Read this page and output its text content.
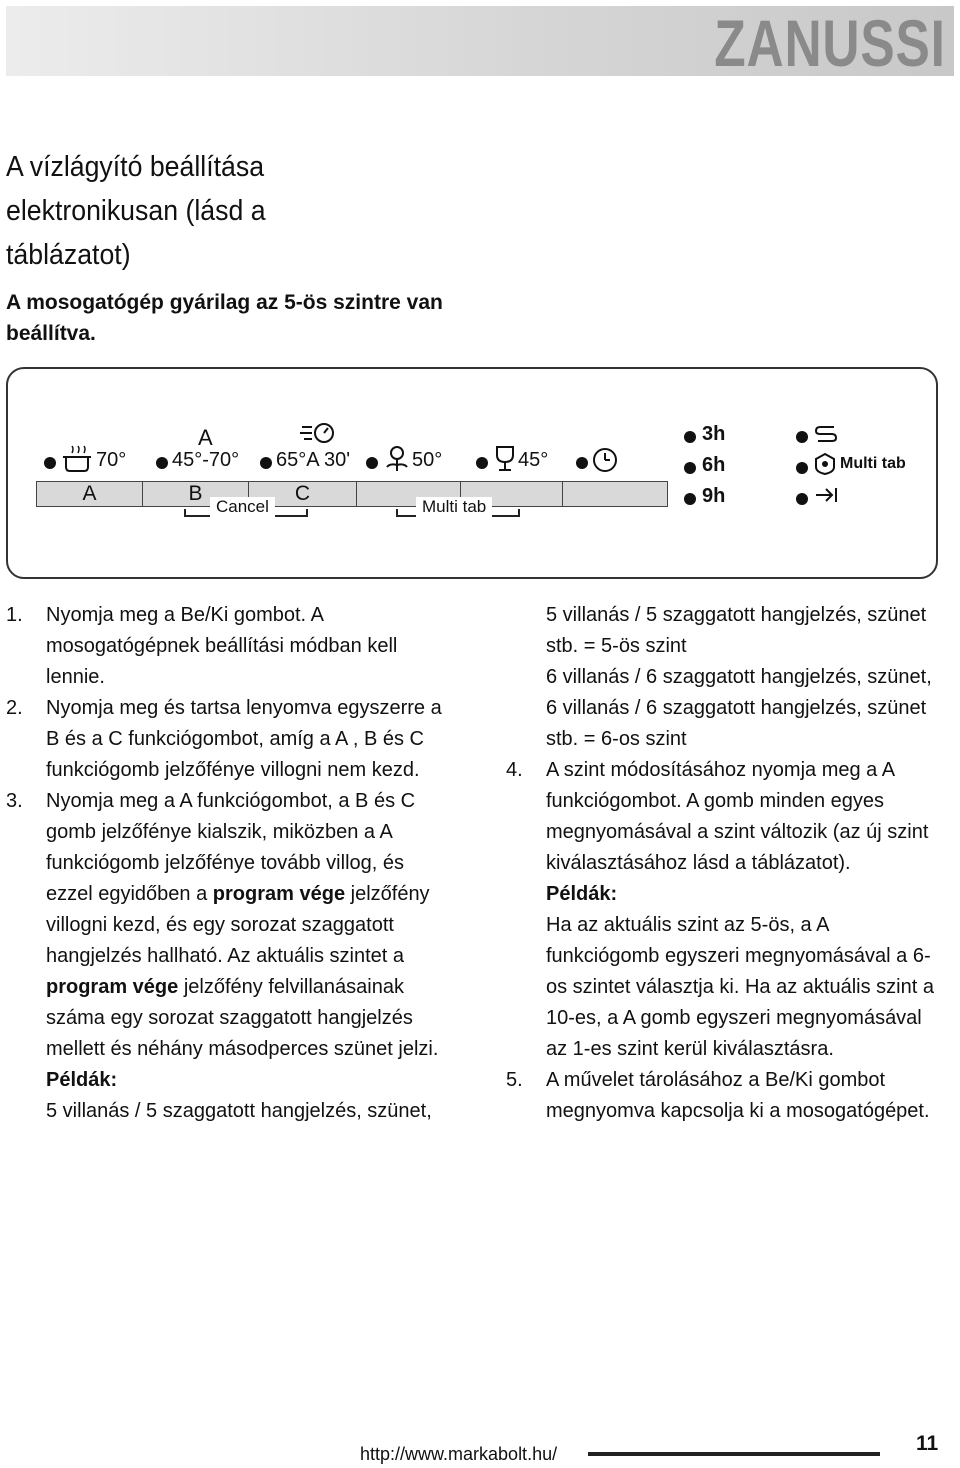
ZANUSSI
A vízlágyító beállítása elektronikusan (lásd a táblázatot)

A mosogatógép gyárilag az 5-ös szintre van beállítva.

A
70° 45°-70° 65°A 30'	50°	45°
3h
6h
9h
Multi tab
A	B	C
Cancel	Multi tab
1. Nyomja meg a Be/Ki gombot. A mosogatógépnek beállítási módban kell lennie.

2. Nyomja meg és tartsa lenyomva egyszerre a B és a C funkciógombot, amíg a A , B és C funkciógomb jelzőfénye villogni nem kezd.

3. Nyomja meg a A funkciógombot, a B és C gomb jelzőfénye kialszik, miközben a A funkciógomb jelzőfénye tovább villog, és ezzel egyidőben a program vége jelzőfény villogni kezd, és egy sorozat szaggatott hangjelzés hallható. Az aktuális szintet a program vége jelzőfény felvillanásainak száma egy sorozat szaggatott hangjelzés mellett és néhány másodperces szünet jelzi.

Példák:

5 villanás / 5 szaggatott hangjelzés, szünet,

5 villanás / 5 szaggatott hangjelzés, szünet stb. = 5-ös szint

6 villanás / 6 szaggatott hangjelzés, szünet, 6 villanás / 6 szaggatott hangjelzés, szünet stb. = 6-os szint

4. A szint módosításához nyomja meg a A funkciógombot. A gomb minden egyes megnyomásával a szint változik (az új szint kiválasztásához lásd a táblázatot).

Példák:

Ha az aktuális szint az 5-ös, a A funkciógomb egyszeri megnyomásával a 6-os szintet választja ki. Ha az aktuális szint a 10-es, a A gomb egyszeri megnyomásával az 1-es szint kerül kiválasztásra.

5. A művelet tárolásához a Be/Ki gombot megnyomva kapcsolja ki a mosogatógépet.

http://www.markabolt.hu/	11
